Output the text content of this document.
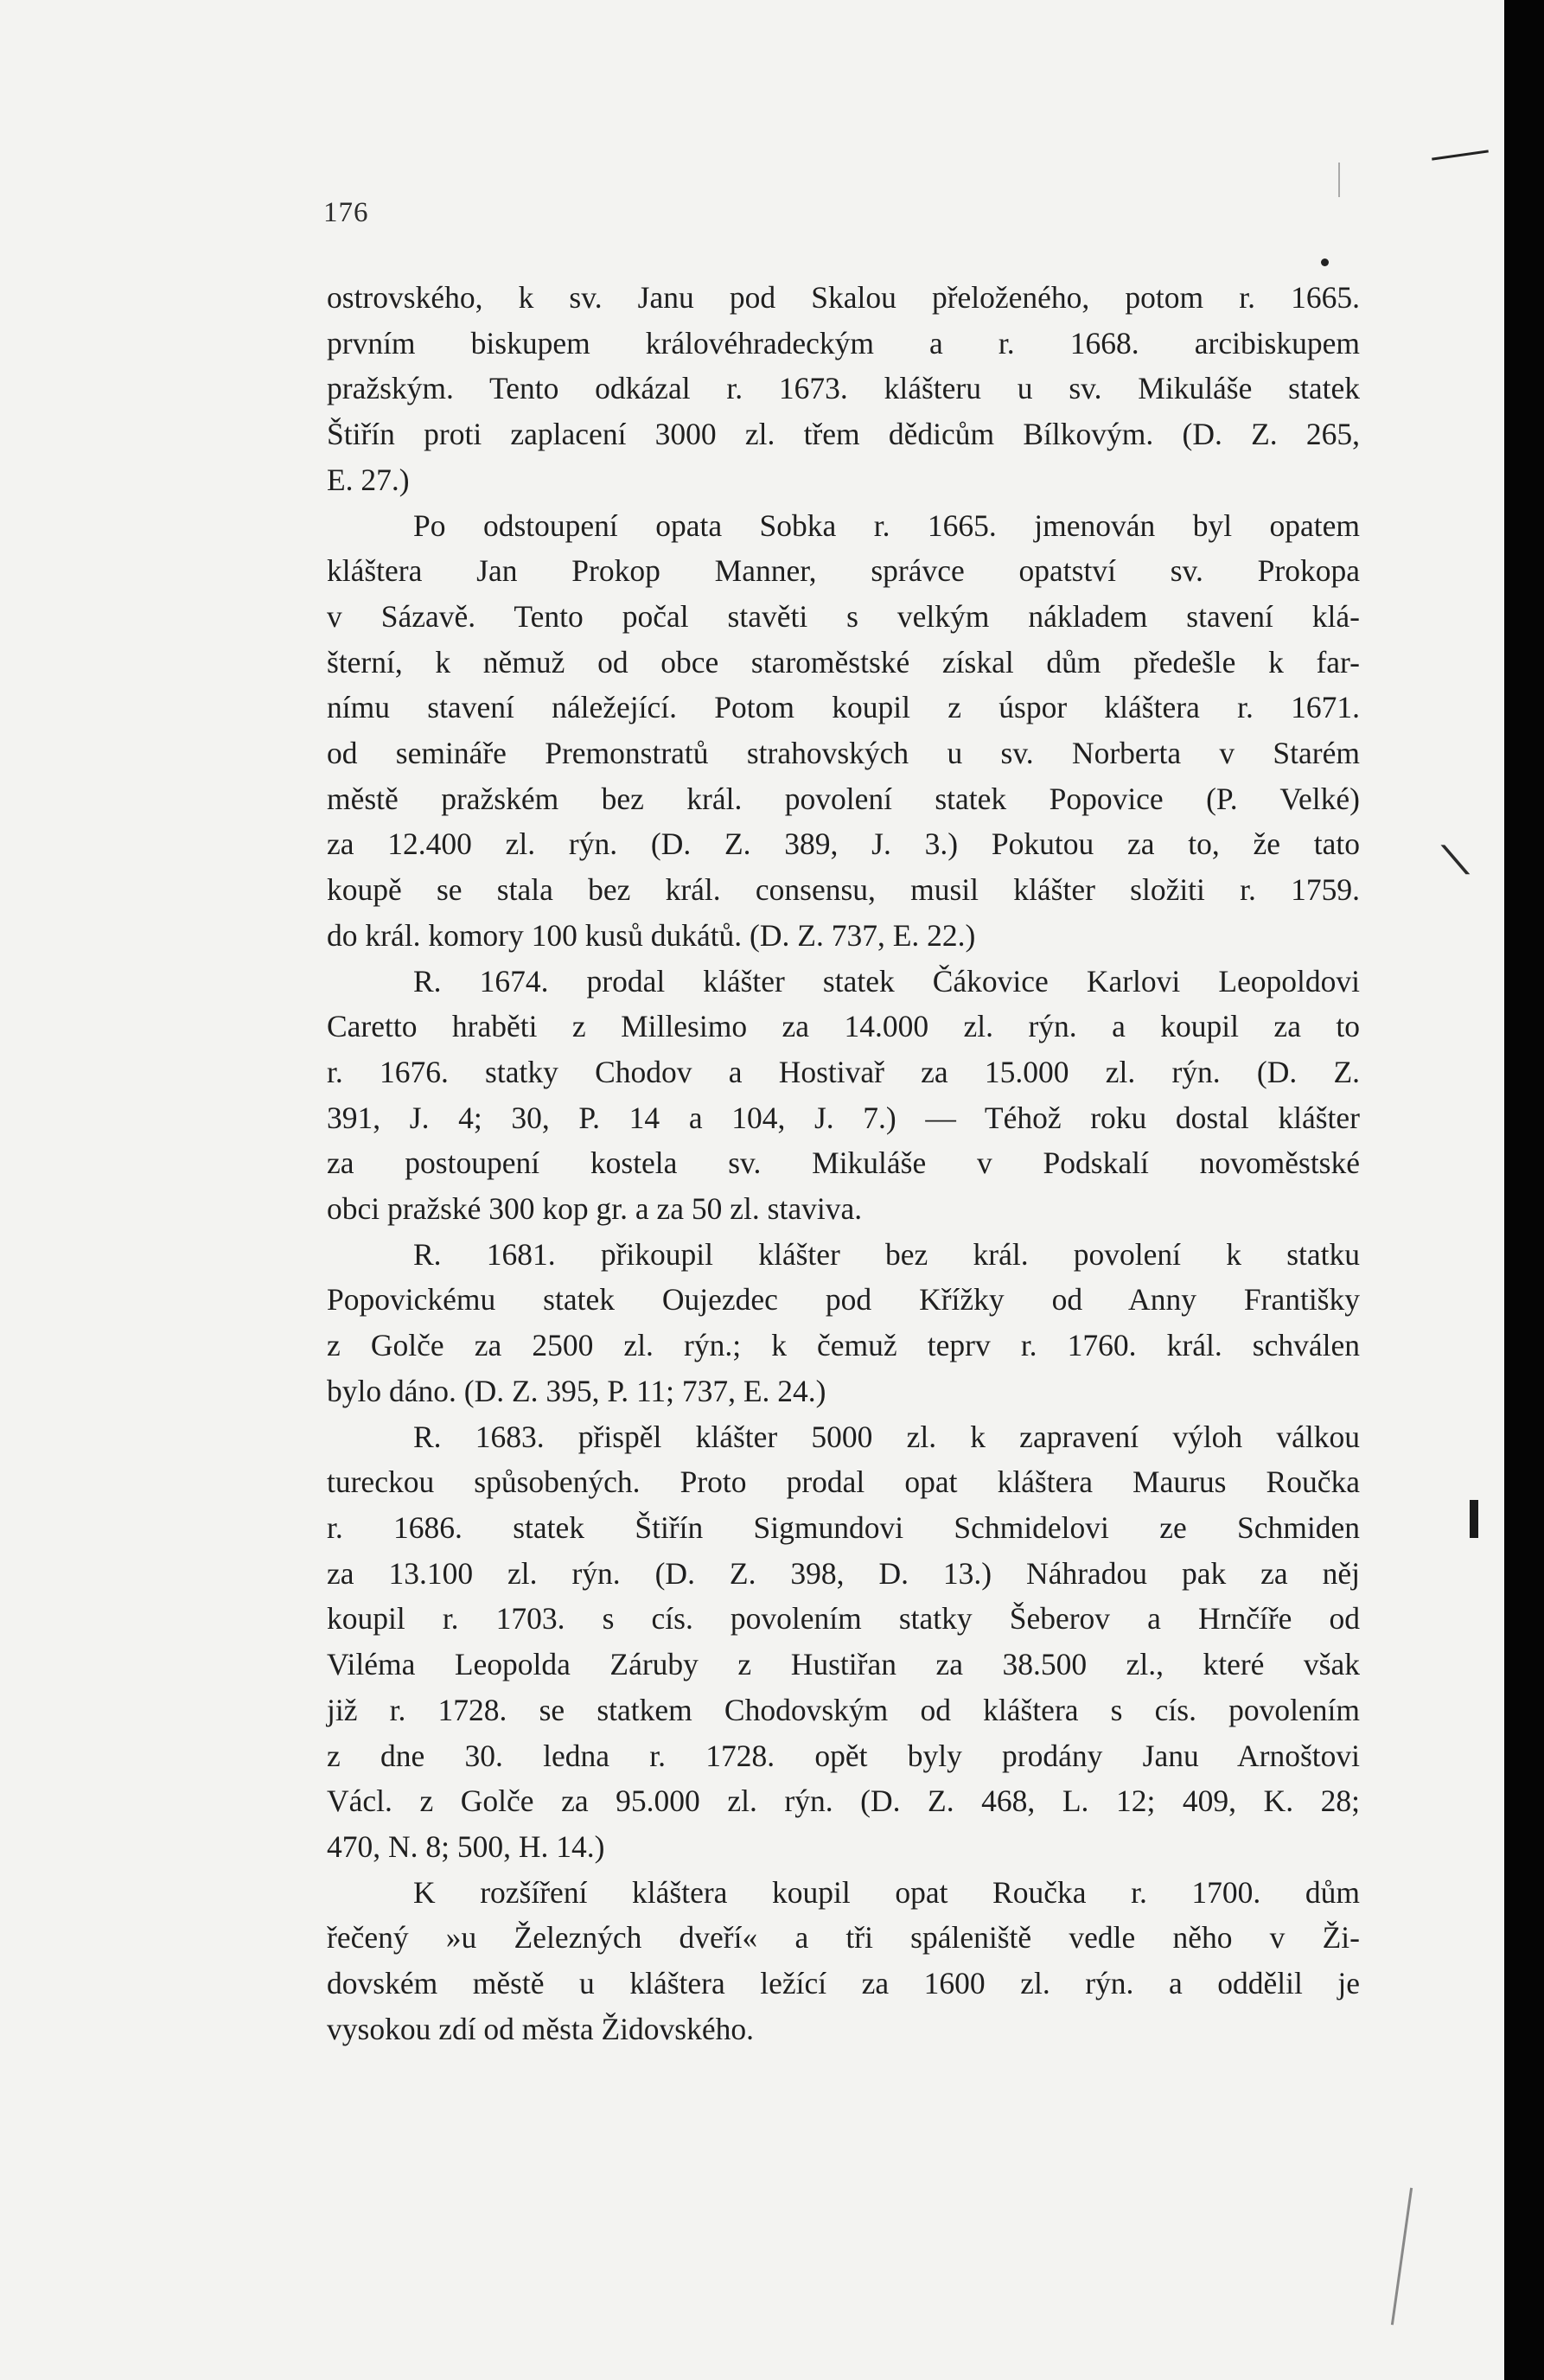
176
ostrovského, k sv. Janu pod Skalou přeloženého, potom r. 1665.
prvním biskupem královéhradeckým a r. 1668. arcibiskupem
pražským. Tento odkázal r. 1673. klášteru u sv. Mikuláše statek
Štiřín proti zaplacení 3000 zl. třem dědicům Bílkovým. (D. Z. 265,
E. 27.)
Po odstoupení opata Sobka r. 1665. jmenován byl opatem
kláštera Jan Prokop Manner, správce opatství sv. Prokopa
v Sázavě. Tento počal stavěti s velkým nákladem stavení klá-
šterní, k němuž od obce staroměstské získal dům předešle k far-
nímu stavení náležející. Potom koupil z úspor kláštera r. 1671.
od semináře Premonstratů strahovských u sv. Norberta v Starém
městě pražském bez král. povolení statek Popovice (P. Velké)
za 12.400 zl. rýn. (D. Z. 389, J. 3.) Pokutou za to, že tato
koupě se stala bez král. consensu, musil klášter složiti r. 1759.
do král. komory 100 kusů dukátů. (D. Z. 737, E. 22.)
R. 1674. prodal klášter statek Čákovice Karlovi Leopoldovi
Caretto hraběti z Millesimo za 14.000 zl. rýn. a koupil za to
r. 1676. statky Chodov a Hostivař za 15.000 zl. rýn. (D. Z.
391, J. 4; 30, P. 14 a 104, J. 7.) — Téhož roku dostal klášter
za postoupení kostela sv. Mikuláše v Podskalí novoměstské
obci pražské 300 kop gr. a za 50 zl. staviva.
R. 1681. přikoupil klášter bez král. povolení k statku
Popovickému statek Oujezdec pod Křížky od Anny Františky
z Golče za 2500 zl. rýn.; k čemuž teprv r. 1760. král. schválen
bylo dáno. (D. Z. 395, P. 11; 737, E. 24.)
R. 1683. přispěl klášter 5000 zl. k zapravení výloh válkou
tureckou spůsobených. Proto prodal opat kláštera Maurus Roučka
r. 1686. statek Štiřín Sigmundovi Schmidelovi ze Schmiden
za 13.100 zl. rýn. (D. Z. 398, D. 13.) Náhradou pak za něj
koupil r. 1703. s cís. povolením statky Šeberov a Hrnčíře od
Viléma Leopolda Záruby z Hustiřan za 38.500 zl., které však
již r. 1728. se statkem Chodovským od kláštera s cís. povolením
z dne 30. ledna r. 1728. opět byly prodány Janu Arnoštovi
Václ. z Golče za 95.000 zl. rýn. (D. Z. 468, L. 12; 409, K. 28;
470, N. 8; 500, H. 14.)
K rozšíření kláštera koupil opat Roučka r. 1700. dům
řečený »u Železných dveří« a tři spáleniště vedle něho v Ži-
dovském městě u kláštera ležící za 1600 zl. rýn. a oddělil je
vysokou zdí od města Židovského.
⟍
